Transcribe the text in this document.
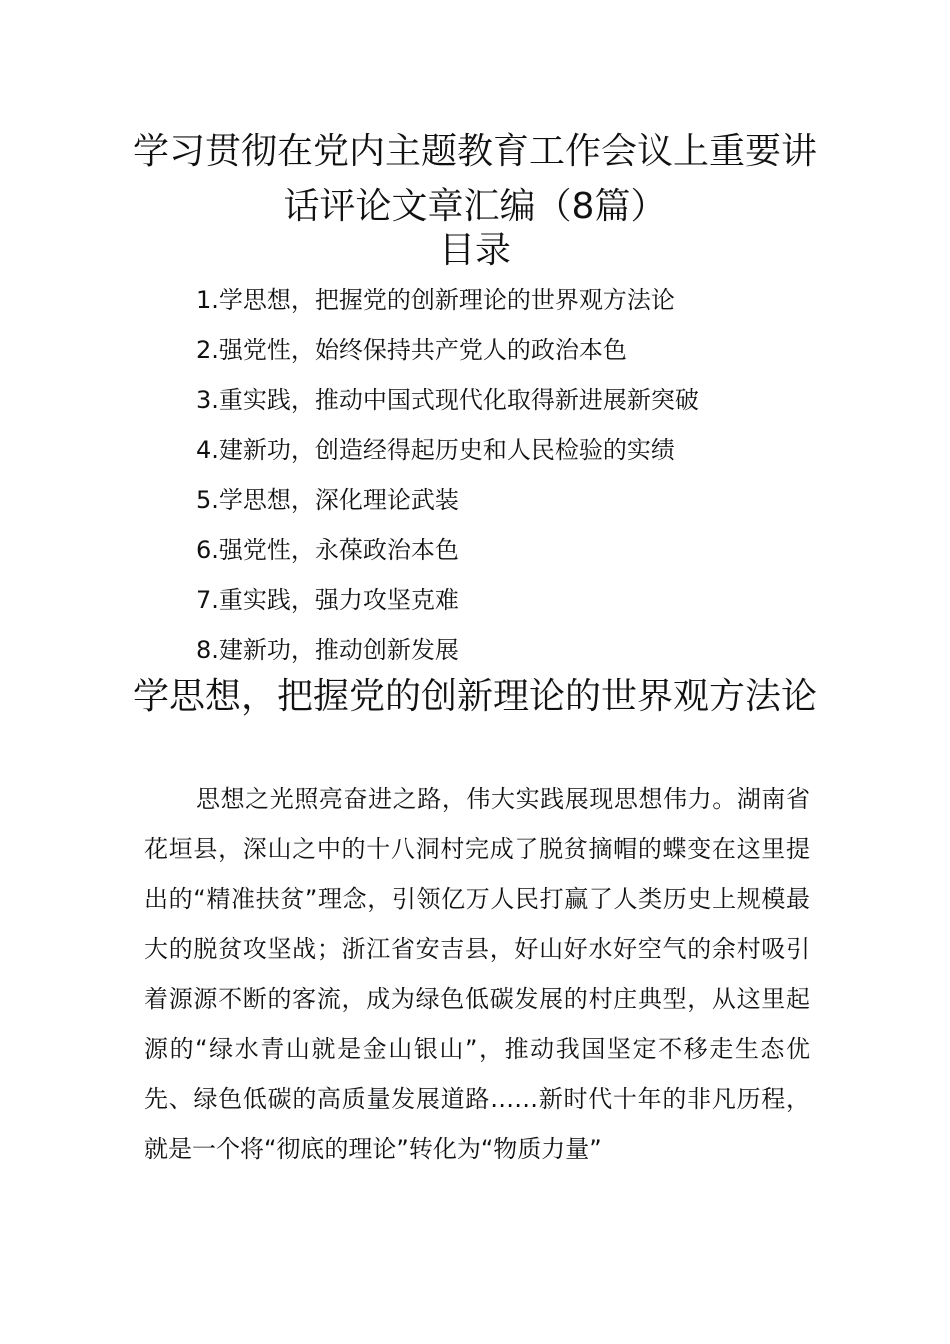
学习贯彻在党内主题教育工作会议上重要讲话评论文章汇编（8篇）
目录
1.学思想，把握党的创新理论的世界观方法论
2.强党性，始终保持共产党人的政治本色
3.重实践，推动中国式现代化取得新进展新突破
4.建新功，创造经得起历史和人民检验的实绩
5.学思想，深化理论武装
6.强党性，永葆政治本色
7.重实践，强力攻坚克难
8.建新功，推动创新发展
学思想，把握党的创新理论的世界观方法论

思想之光照亮奋进之路，伟大实践展现思想伟力。湖南省花垣县，深山之中的十八洞村完成了脱贫摘帽的蝶变在这里提出的“精准扶贫”理念，引领亿万人民打赢了人类历史上规模最大的脱贫攻坚战；浙江省安吉县，好山好水好空气的余村吸引着源源不断的客流，成为绿色低碳发展的村庄典型，从这里起源的“绿水青山就是金山银山”，推动我国坚定不移走生态优先、绿色低碳的高质量发展道路……新时代十年的非凡历程，就是一个将“彻底的理论”转化为“物质力量”
